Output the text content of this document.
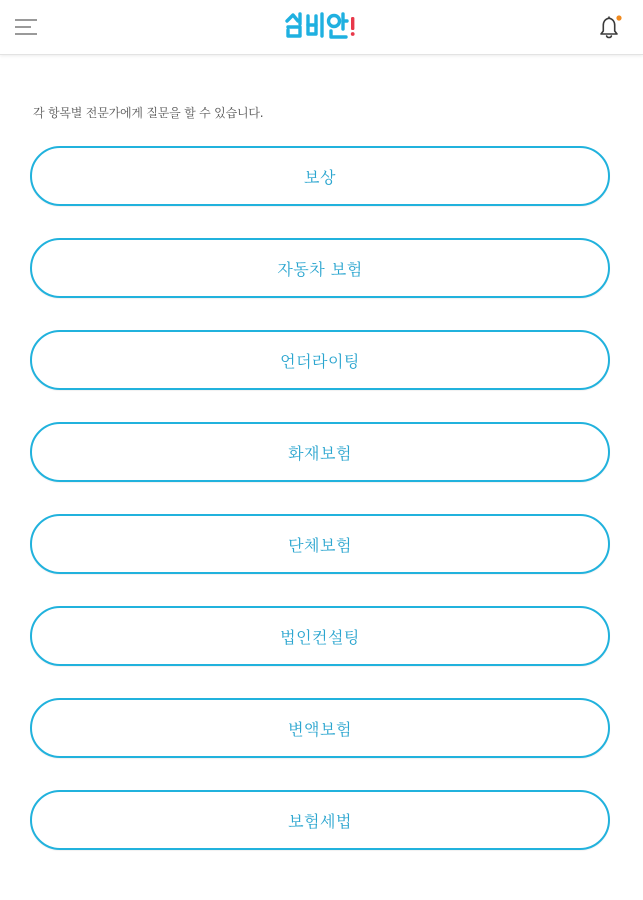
각 항목별 전문가에게 질문을 할 수 있습니다.

보상
자동차 보험
언더라이팅
화재보험
단체보험
법인컨설팅
변액보험
보험세법
